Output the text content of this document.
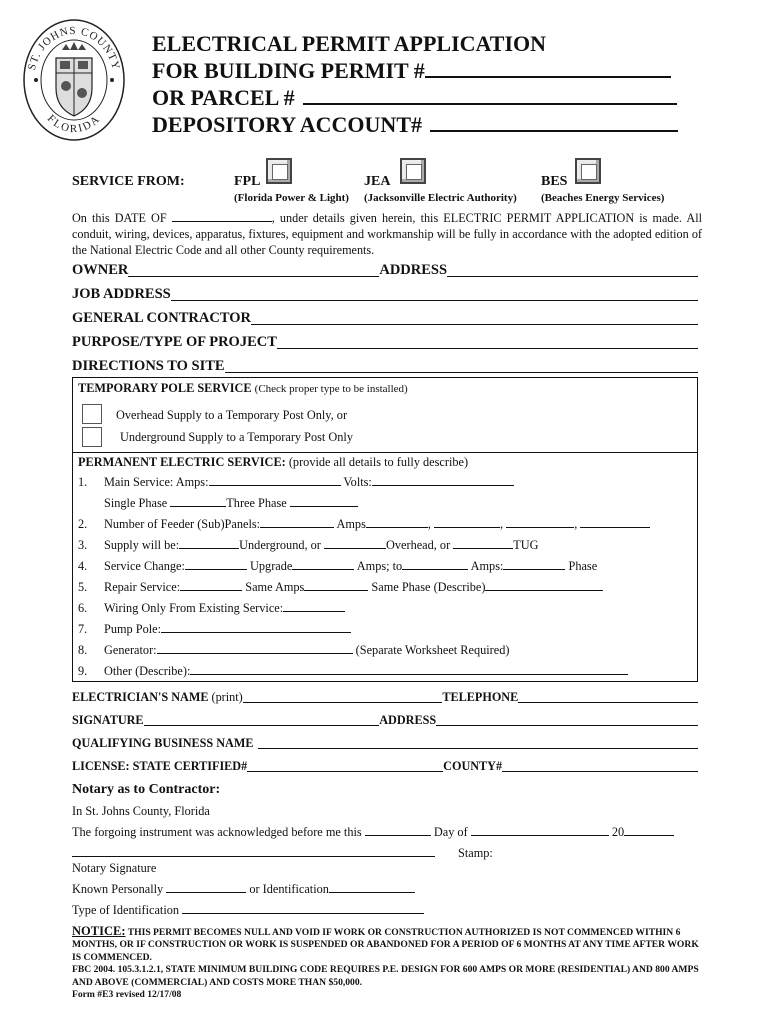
ST. JOHNS COUNTY
FLORIDA
ELECTRICAL PERMIT APPLICATION
FOR BUILDING PERMIT #
OR PARCEL #
DEPOSITORY ACCOUNT#
SERVICE FROM:	FPL
(Florida Power & Light)
JEA
(Jacksonville Electric Authority)
BES
(Beaches Energy Services)
On this DATE OF	, under details given herein, this ELECTRIC PERMIT APPLICATION is made. All conduit, wiring, devices, apparatus, fixtures, equipment and workmanship will be fully in accordance with the adopted edition of the National Electric Code and all other County requirements.
OWNER	ADDRESS
JOB ADDRESS
GENERAL CONTRACTOR
PURPOSE/TYPE OF PROJECT
DIRECTIONS TO SITE
TEMPORARY POLE SERVICE (Check proper type to be installed)
Overhead Supply to a Temporary Post Only, or
Underground Supply to a Temporary Post Only
PERMANENT ELECTRIC SERVICE: (provide all details to fully describe)
1. Main Service: Amps:	Volts:
Single Phase	Three Phase
2. Number of Feeder (Sub)Panels:	Amps	,	,	,
3. Supply will be:	Underground, or	Overhead, or	TUG
4. Service Change:	Upgrade	Amps; to	Amps:	Phase
5. Repair Service:	Same Amps	Same Phase (Describe)
6. Wiring Only From Existing Service:
7. Pump Pole:
8. Generator:	(Separate Worksheet Required)
9. Other (Describe):
ELECTRICIAN'S NAME
(print)	TELEPHONE
SIGNATURE	ADDRESS
QUALIFYING BUSINESS NAME
LICENSE: STATE CERTIFIED#	COUNTY#
Notary as to Contractor:
In St. Johns County, Florida
The forgoing instrument was acknowledged before me this	Day of	20
Stamp:
Notary Signature
Known Personally	or Identification
Type of Identification
NOTICE: THIS PERMIT BECOMES NULL AND VOID IF WORK OR CONSTRUCTION AUTHORIZED IS NOT COMMENCED WITHIN 6 MONTHS, OR IF CONSTRUCTION OR WORK IS SUSPENDED OR ABANDONED FOR A PERIOD OF 6 MONTHS AT ANY TIME AFTER WORK IS COMMENCED.
FBC 2004. 105.3.1.2.1, STATE MINIMUM BUILDING CODE REQUIRES P.E. DESIGN FOR 600 AMPS OR MORE (RESIDENTIAL) AND 800 AMPS AND ABOVE (COMMERCIAL) AND COSTS MORE THAN $50,000.
Form #E3 revised 12/17/08
